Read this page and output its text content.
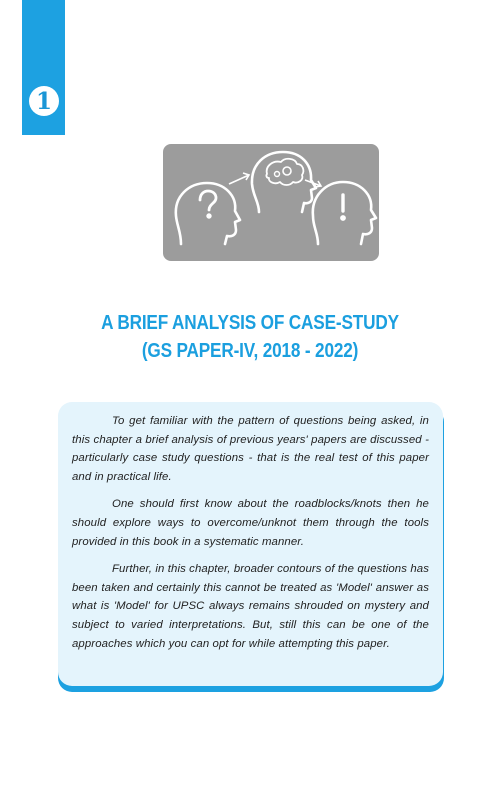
1
A BRIEF ANALYSIS OF CASE-STUDY
(GS PAPER-IV, 2018 - 2022)

To get familiar with the pattern of questions being asked, in this chapter a brief analysis of previous years' papers are discussed - particularly case study questions - that is the real test of this paper and in practical life.

One should first know about the roadblocks/knots then he should explore ways to overcome/unknot them through the tools provided in this book in a systematic manner.

Further, in this chapter, broader contours of the questions has been taken and certainly this cannot be treated as 'Model' answer as what is 'Model' for UPSC always remains shrouded on mystery and subject to varied interpretations. But, still this can be one of the approaches which you can opt for while attempting this paper.
